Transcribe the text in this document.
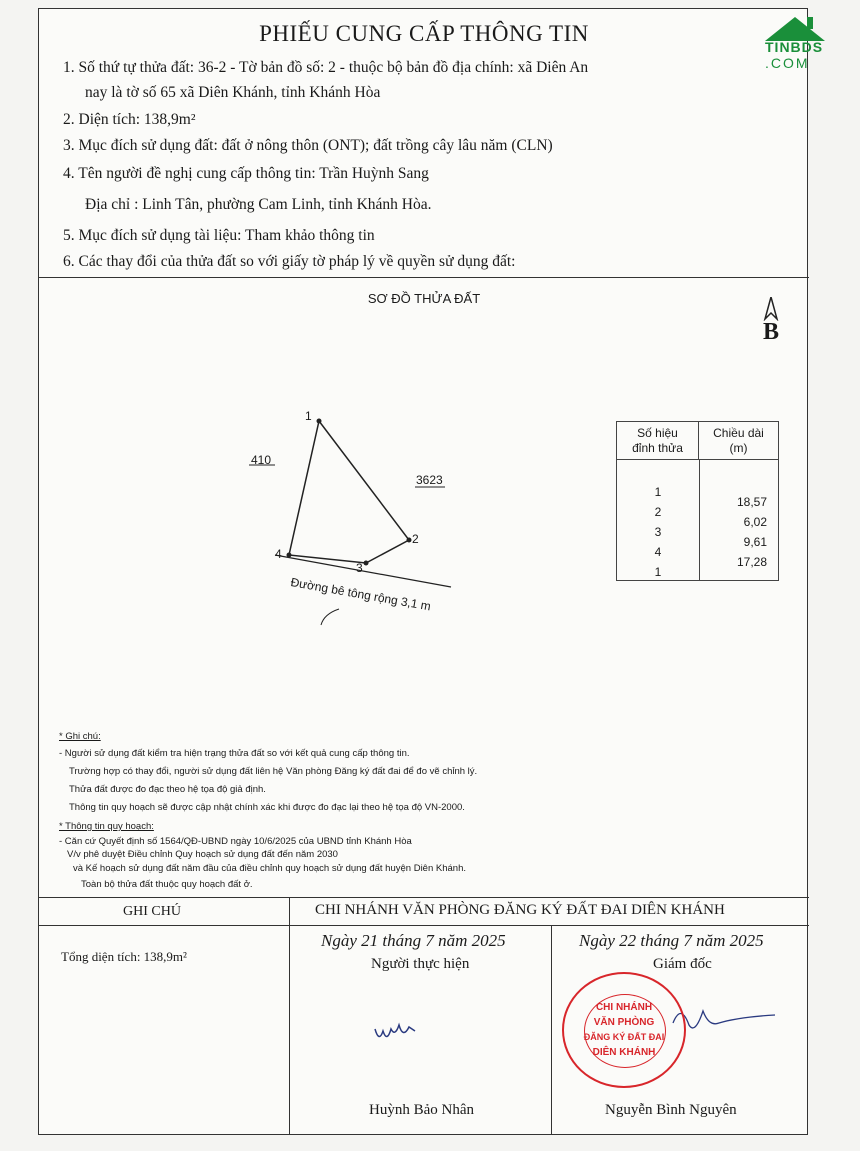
PHIẾU CUNG CẤP THÔNG TIN
TINBDS
.COM
1. Số thứ tự thửa đất: 36-2 - Tờ bản đồ số: 2 - thuộc bộ bản đồ địa chính: xã Diên An
nay là tờ số 65 xã Diên Khánh, tỉnh Khánh Hòa
2. Diện tích: 138,9m²
3. Mục đích sử dụng đất: đất ở nông thôn (ONT); đất trồng cây lâu năm (CLN)
4. Tên người đề nghị cung cấp thông tin: Trần Huỳnh Sang
Địa chỉ : Linh Tân, phường Cam Linh, tỉnh Khánh Hòa.
5. Mục đích sử dụng tài liệu: Tham khảo thông tin
6. Các thay đổi của thửa đất so với giấy tờ pháp lý về quyền sử dụng đất:
SƠ ĐỒ THỬA ĐẤT
B
1
2
3
4
410
3623
Đường bê tông rộng 3,1 m
Số hiệu
đỉnh thửa
Chiều dài
(m)
1
2
3
4
1
18,57
6,02
9,61
17,28
* Ghi chú:
- Người sử dụng đất kiểm tra hiện trạng thửa đất so với kết quả cung cấp thông tin.
Trường hợp có thay đổi, người sử dụng đất liên hệ Văn phòng Đăng ký đất đai để đo vẽ chỉnh lý.
Thửa đất được đo đạc theo hệ tọa độ giả định.
Thông tin quy hoạch sẽ được cập nhật chính xác khi được đo đạc lại theo hệ tọa độ VN-2000.
* Thông tin quy hoạch:
- Căn cứ Quyết định số 1564/QĐ-UBND ngày 10/6/2025 của UBND tỉnh Khánh Hòa
V/v phê duyệt Điều chỉnh Quy hoạch sử dụng đất đến năm 2030
và Kế hoạch sử dụng đất năm đầu của điều chỉnh quy hoạch sử dụng đất huyện Diên Khánh.
Toàn bộ thửa đất thuộc quy hoạch đất ở.
GHI CHÚ	CHI NHÁNH VĂN PHÒNG ĐĂNG KÝ ĐẤT ĐAI DIÊN KHÁNH
Tổng diện tích: 138,9m²
Ngày 21 tháng 7 năm 2025
Người thực hiện
Ngày 22 tháng 7 năm 2025
Giám đốc
CHI NHÁNH
VĂN PHÒNG
ĐĂNG KÝ ĐẤT ĐAI
DIÊN KHÁNH
Huỳnh Bảo Nhân	Nguyễn Bình Nguyên
